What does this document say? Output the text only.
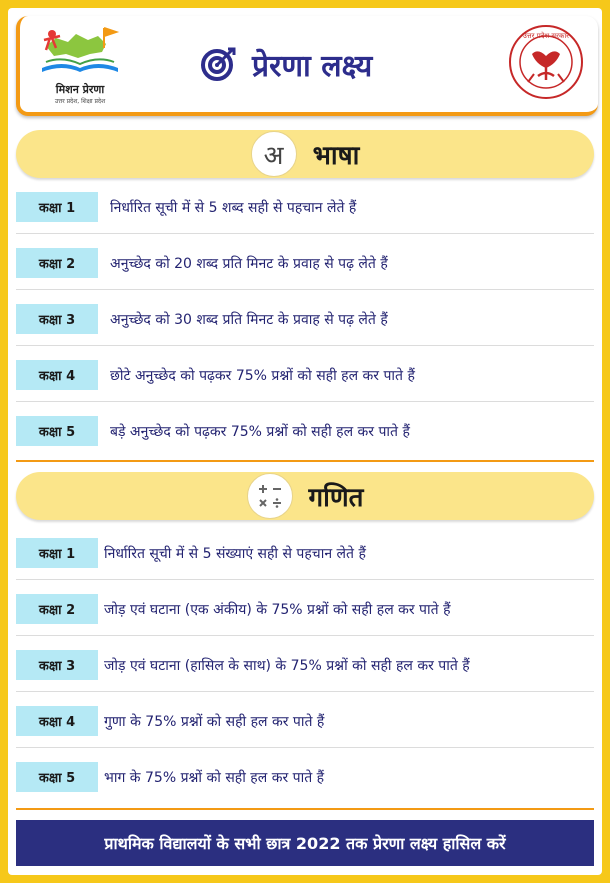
मिशन प्रेरणा
उत्तर प्रदेश, शिक्षा प्रदेश
प्रेरणा लक्ष्य
उत्तर प्रदेश सरकार
अ भाषा
कक्षा 1	निर्धारित सूची में से 5 शब्द सही से पहचान लेते हैं
कक्षा 2	अनुच्छेद को 20 शब्द प्रति मिनट के प्रवाह से पढ़ लेते हैं
कक्षा 3	अनुच्छेद को 30 शब्द प्रति मिनट के प्रवाह से पढ़ लेते हैं
कक्षा 4	छोटे अनुच्छेद को पढ़कर 75% प्रश्नों को सही हल कर पाते हैं
कक्षा 5	बड़े अनुच्छेद को पढ़कर 75% प्रश्नों को सही हल कर पाते हैं
गणित
कक्षा 1	निर्धारित सूची में से 5 संख्याएं सही से पहचान लेते हैं
कक्षा 2	जोड़ एवं घटाना (एक अंकीय) के 75% प्रश्नों को सही हल कर पाते हैं
कक्षा 3	जोड़ एवं घटाना (हासिल के साथ) के 75% प्रश्नों को सही हल कर पाते हैं
कक्षा 4	गुणा के 75% प्रश्नों को सही हल कर पाते हैं
कक्षा 5	भाग के 75% प्रश्नों को सही हल कर पाते हैं
प्राथमिक विद्यालयों के सभी छात्र 2022 तक प्रेरणा लक्ष्य हासिल करें
